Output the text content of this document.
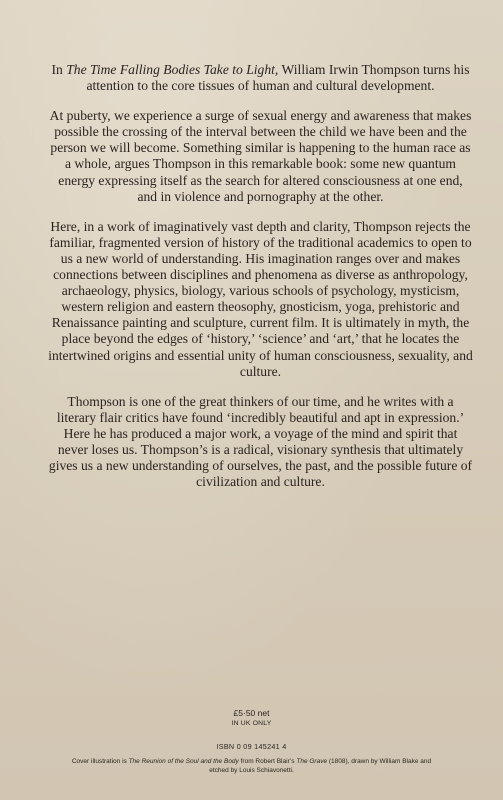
In The Time Falling Bodies Take to Light, William Irwin Thompson turns his attention to the core tissues of human and cultural development.

At puberty, we experience a surge of sexual energy and awareness that makes possible the crossing of the interval between the child we have been and the person we will become. Something similar is happening to the human race as a whole, argues Thompson in this remarkable book: some new quantum energy expressing itself as the search for altered consciousness at one end, and in violence and pornography at the other.

Here, in a work of imaginatively vast depth and clarity, Thompson rejects the familiar, fragmented version of history of the traditional academics to open to us a new world of understanding. His imagination ranges over and makes connections between disciplines and phenomena as diverse as anthropology, archaeology, physics, biology, various schools of psychology, mysticism, western religion and eastern theosophy, gnosticism, yoga, prehistoric and Renaissance painting and sculpture, current film. It is ultimately in myth, the place beyond the edges of ‘history,’ ‘science’ and ‘art,’ that he locates the intertwined origins and essential unity of human consciousness, sexuality, and culture.

Thompson is one of the great thinkers of our time, and he writes with a literary flair critics have found ‘incredibly beautiful and apt in expression.’ Here he has produced a major work, a voyage of the mind and spirit that never loses us. Thompson’s is a radical, visionary synthesis that ultimately gives us a new understanding of ourselves, the past, and the possible future of civilization and culture.

£5·50 net
IN UK ONLY
ISBN 0 09 145241 4
Cover illustration is The Reunion of the Soul and the Body from Robert Blair’s The Grave (1808), drawn by William Blake and etched by Louis Schiavonetti.
